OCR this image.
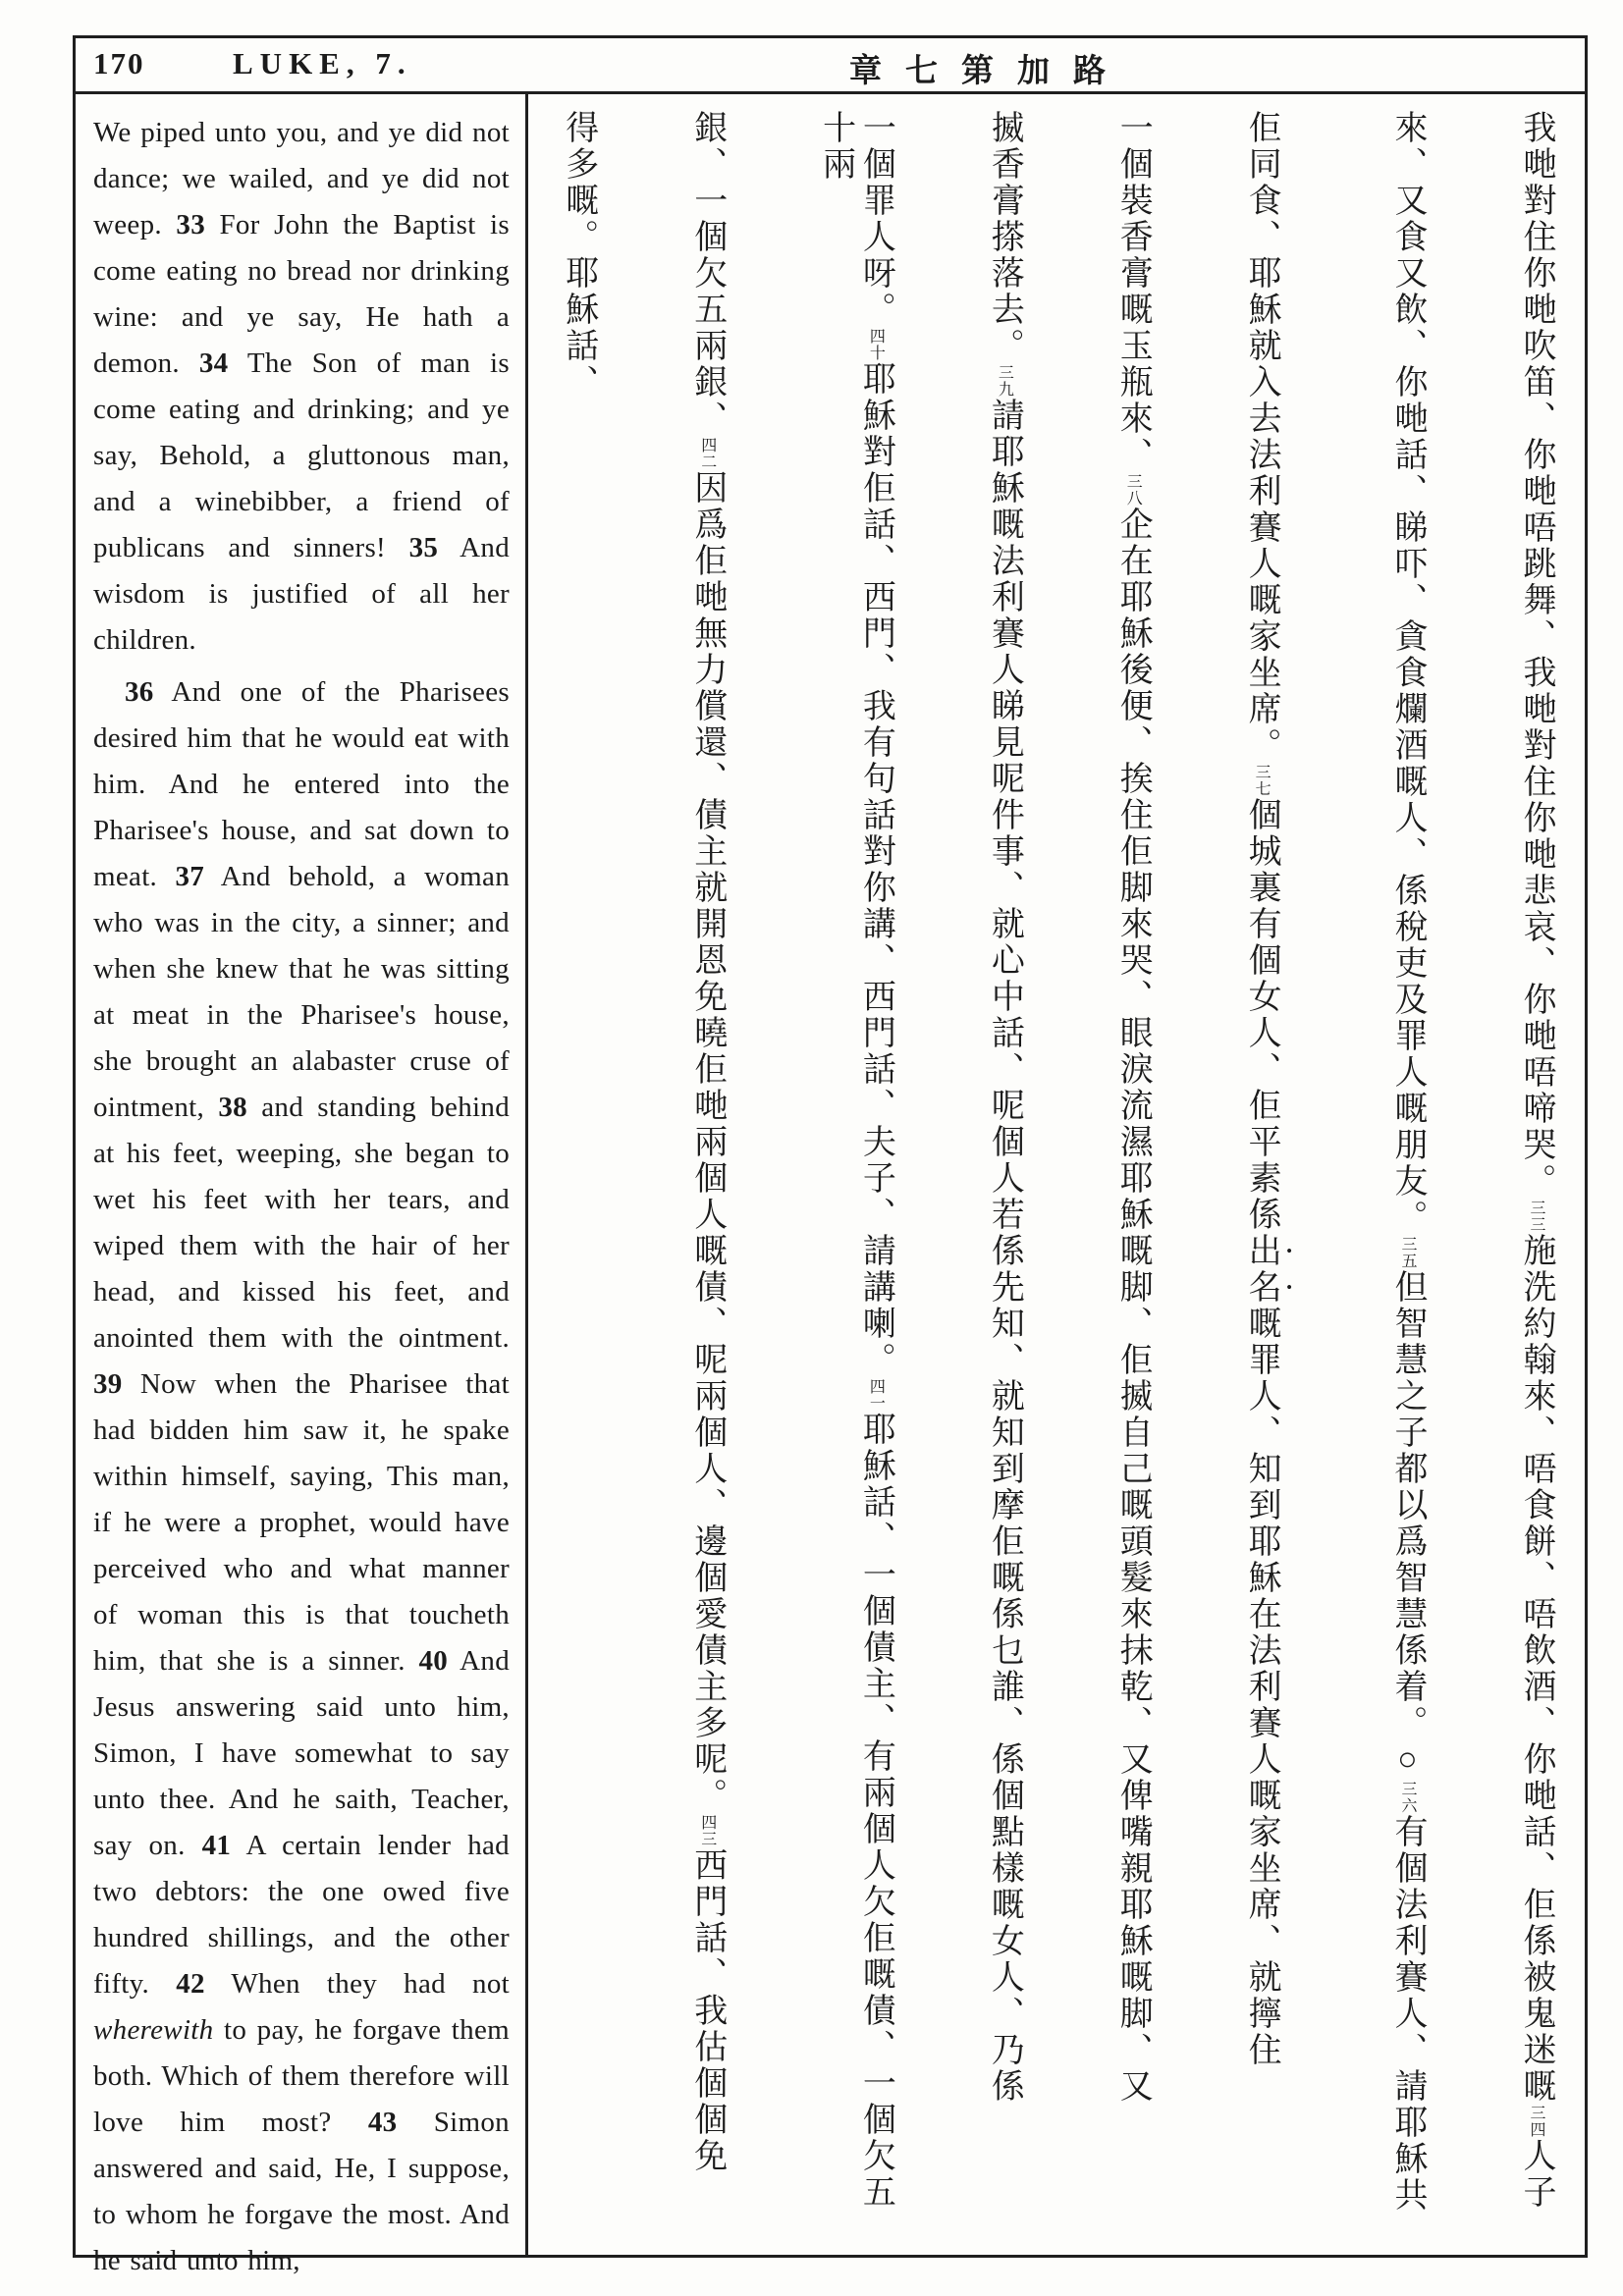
170	LUKE, 7.	章七第加路

We piped unto you, and ye did not dance; we wailed, and ye did not weep. 33 For John the Baptist is come eating no bread nor drinking wine: and ye say, He hath a demon. 34 The Son of man is come eating and drinking; and ye say, Behold, a gluttonous man, and a winebibber, a friend of publicans and sinners! 35 And wisdom is justified of all her children.

36 And one of the Pharisees desired him that he would eat with him. And he entered into the Pharisee's house, and sat down to meat. 37 And behold, a woman who was in the city, a sinner; and when she knew that he was sitting at meat in the Pharisee's house, she brought an alabaster cruse of ointment, 38 and standing behind at his feet, weeping, she began to wet his feet with her tears, and wiped them with the hair of her head, and kissed his feet, and anointed them with the ointment. 39 Now when the Pharisee that had bidden him saw it, he spake within himself, saying, This man, if he were a prophet, would have perceived who and what manner of woman this is that toucheth him, that she is a sinner. 40 And Jesus answering said unto him, Simon, I have somewhat to say unto thee. And he saith, Teacher, say on. 41 A certain lender had two debtors: the one owed five hundred shillings, and the other fifty. 42 When they had not wherewith to pay, he forgave them both. Which of them therefore will love him most? 43 Simon answered and said, He, I suppose, to whom he forgave the most. And he said unto him,

我哋對住你哋吹笛、你哋唔跳舞、我哋對住你哋悲哀、你哋唔啼哭。三三施洗約翰來、唔食餅、唔飲酒、你哋話、佢係被鬼迷嘅三四人子
來、又食又飲、你哋話、睇吓、貪食爛酒嘅人、係稅吏及罪人嘅朋友。三五但智慧之子都以爲智慧係着。○三六有個法利賽人、請耶穌共
佢同食、耶穌就入去法利賽人嘅家坐席。三七個城裏有個女人、佢平素係出名嘅罪人、知到耶穌在法利賽人嘅家坐席、就擰住
一個裝香膏嘅玉瓶來、三八企在耶穌後便、挨住佢脚來哭、眼淚流濕耶穌嘅脚、佢揻自己嘅頭髮來抹乾、又俾嘴親耶穌嘅脚、又
揻香膏搽落去。三九請耶穌嘅法利賽人睇見呢件事、就心中話、呢個人若係先知、就知到摩佢嘅係乜誰、係個點樣嘅女人、乃係
一個罪人呀。四十耶穌對佢話、西門、我有句話對你講、西門話、夫子、請講喇。四一耶穌話、一個債主、有兩個人欠佢嘅債、一個欠五十兩
銀、一個欠五兩銀、四二因爲佢哋無力償還、債主就開恩免曉佢哋兩個人嘅債、呢兩個人、邊個愛債主多呢。四三西門話、我估個個免
得多嘅。耶穌話、
